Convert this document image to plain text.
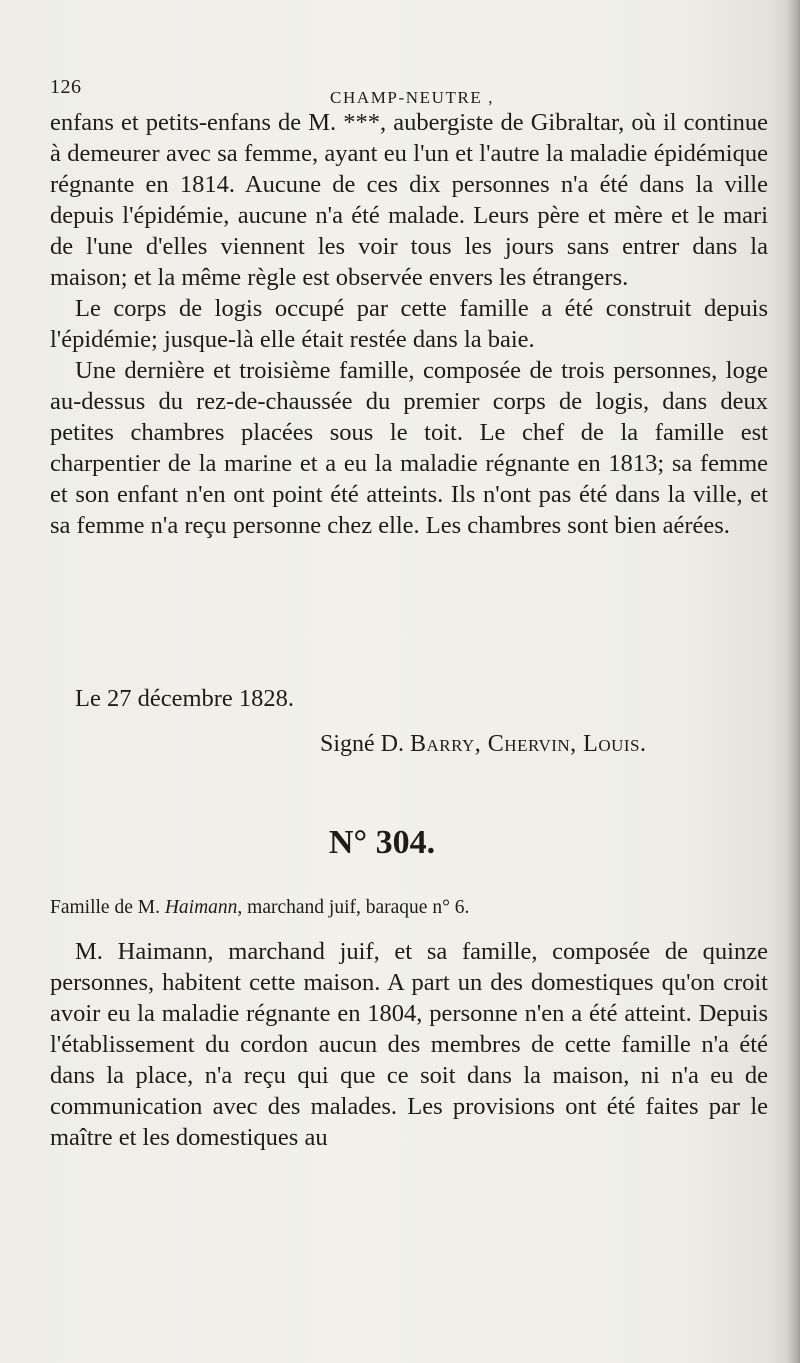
126	CHAMP-NEUTRE ,

enfans et petits-enfans de M. ***, aubergiste de Gibraltar, où il continue à demeurer avec sa femme, ayant eu l'un et l'autre la maladie épidémique régnante en 1814. Aucune de ces dix personnes n'a été dans la ville depuis l'épidémie, aucune n'a été malade. Leurs père et mère et le mari de l'une d'elles viennent les voir tous les jours sans entrer dans la maison; et la même règle est observée envers les étrangers.

Le corps de logis occupé par cette famille a été construit depuis l'épidémie; jusque-là elle était restée dans la baie.

Une dernière et troisième famille, composée de trois personnes, loge au-dessus du rez-de-chaussée du premier corps de logis, dans deux petites chambres placées sous le toit. Le chef de la famille est charpentier de la marine et a eu la maladie régnante en 1813; sa femme et son enfant n'en ont point été atteints. Ils n'ont pas été dans la ville, et sa femme n'a reçu personne chez elle. Les chambres sont bien aérées.

Le 27 décembre 1828.
Signé D. Barry, Chervin, Louis.
N° 304.
Famille de M. Haimann, marchand juif, baraque n° 6.

M. Haimann, marchand juif, et sa famille, composée de quinze personnes, habitent cette maison. A part un des domestiques qu'on croit avoir eu la maladie régnante en 1804, personne n'en a été atteint. Depuis l'établissement du cordon aucun des membres de cette famille n'a été dans la place, n'a reçu qui que ce soit dans la maison, ni n'a eu de communication avec des malades. Les provisions ont été faites par le maître et les domestiques au
